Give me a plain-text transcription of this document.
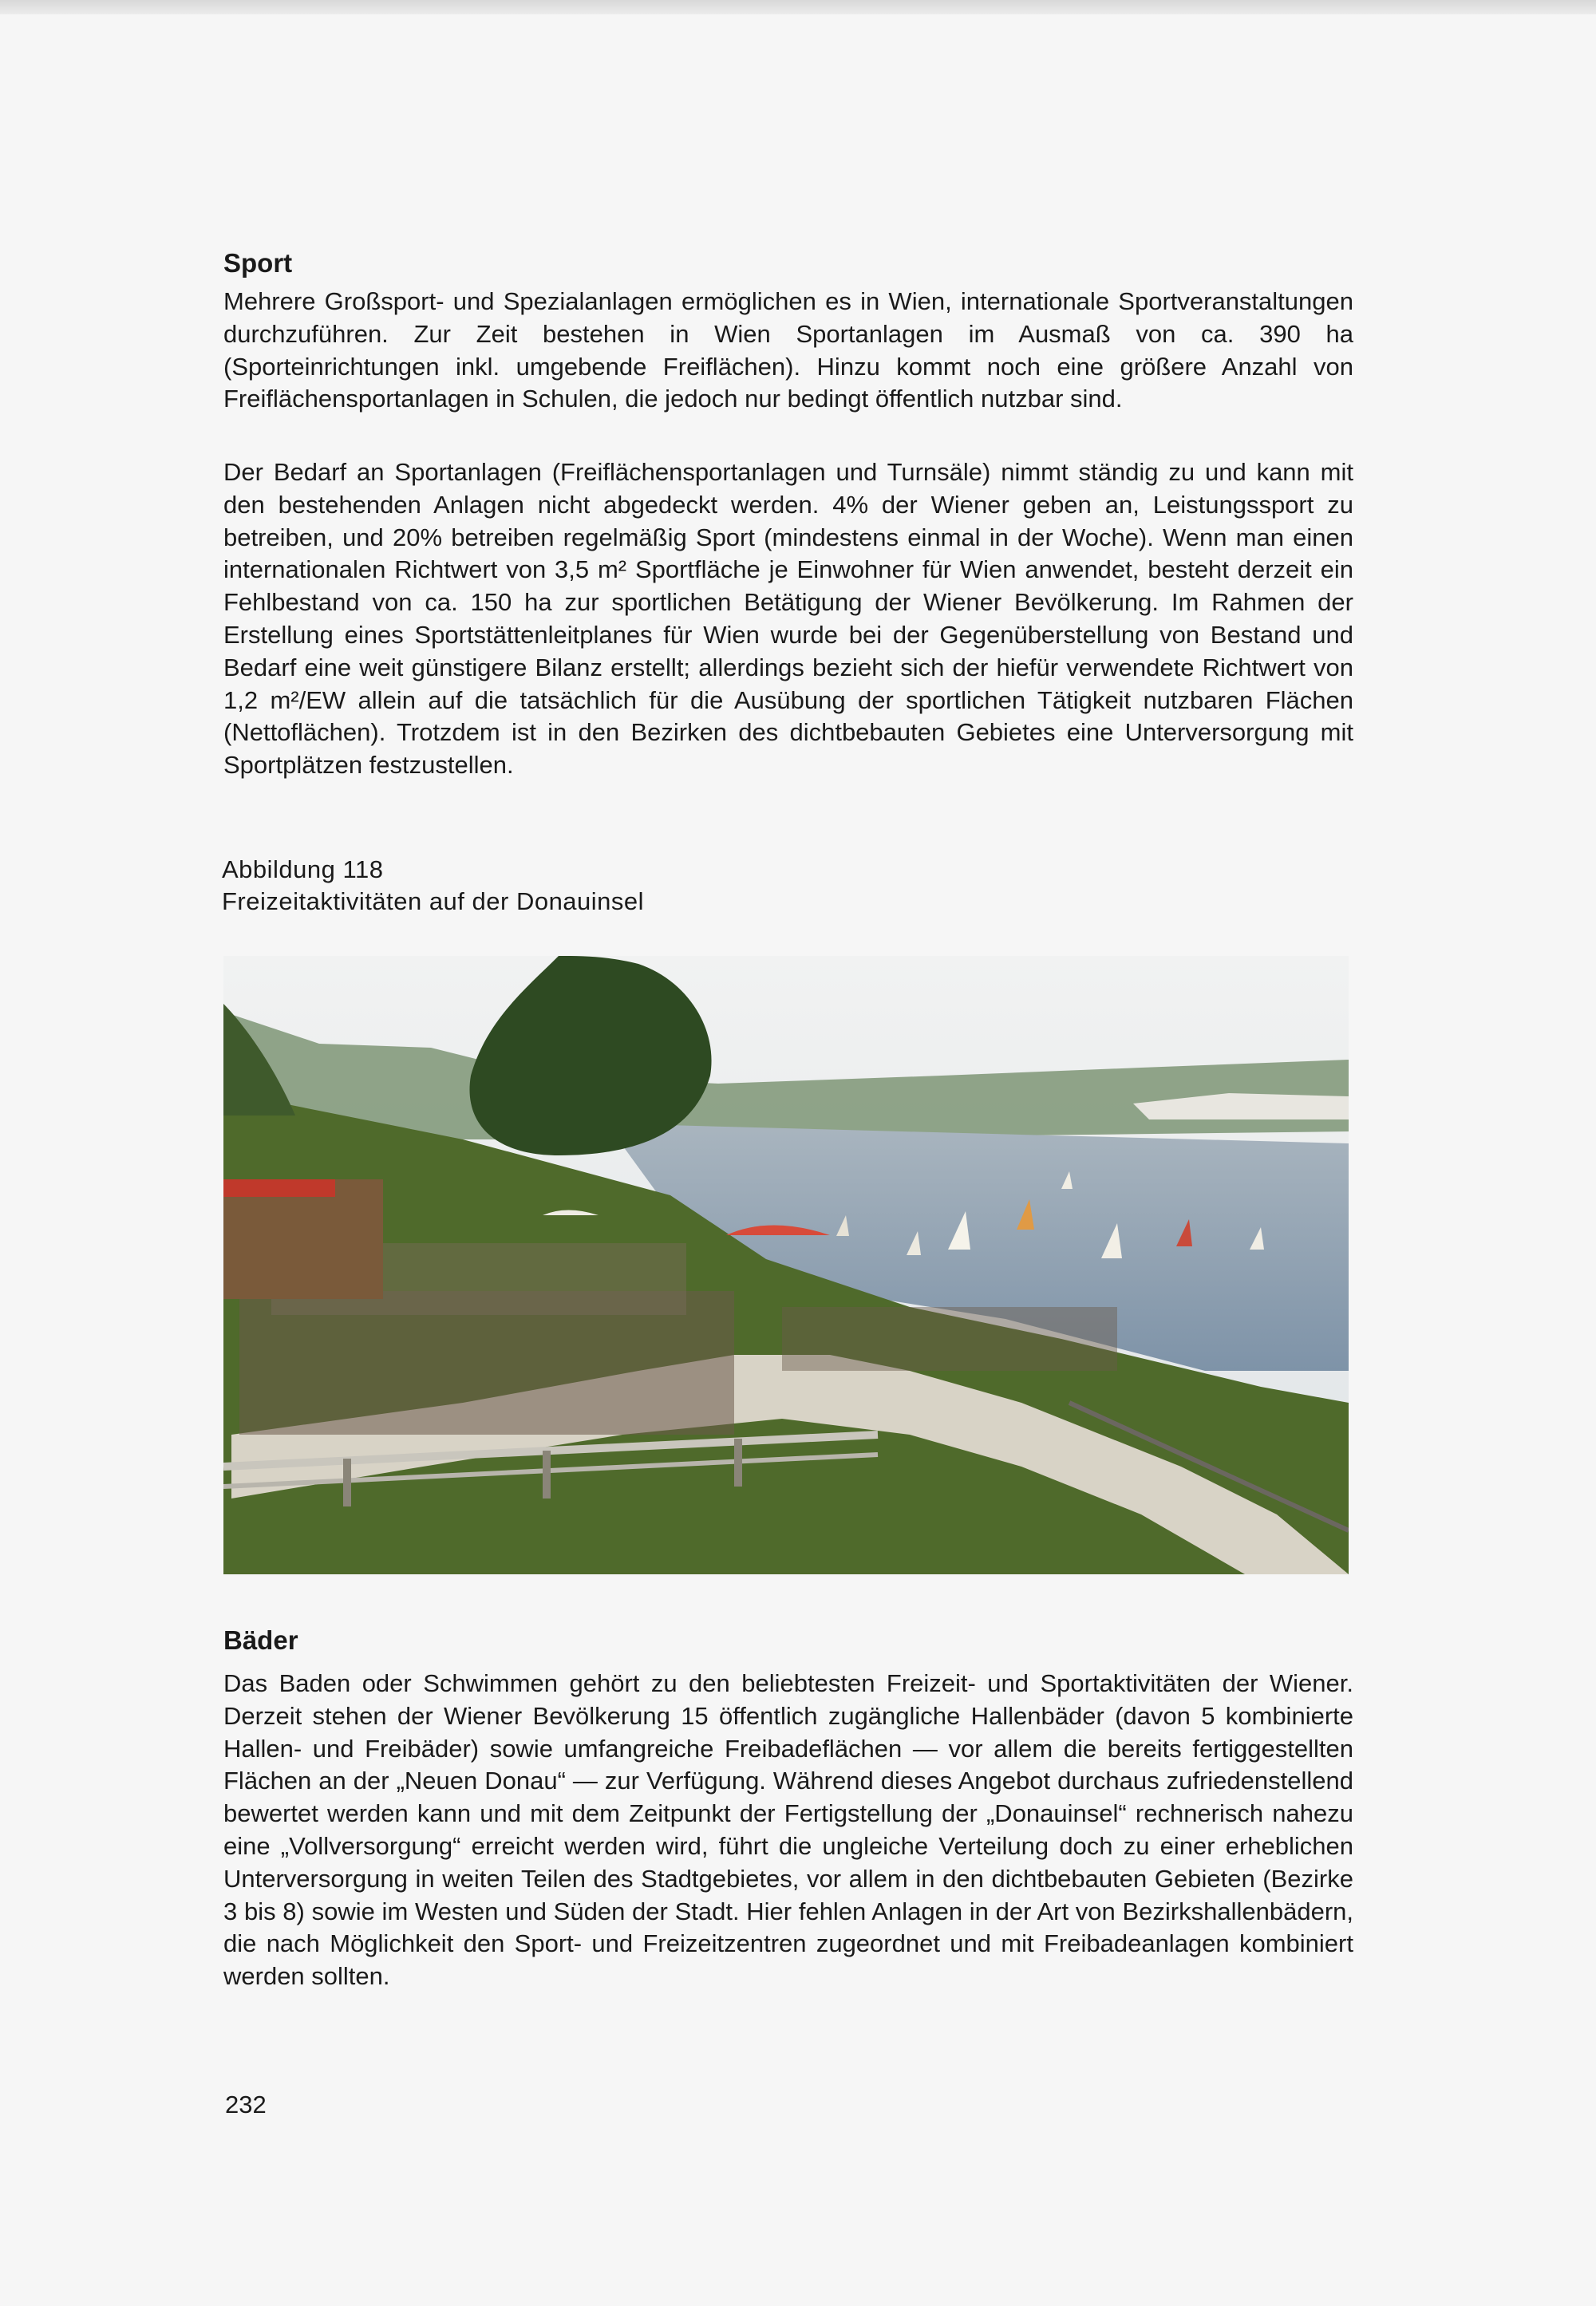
Sport

Mehrere Großsport- und Spezialanlagen ermöglichen es in Wien, internationale Sportveranstaltungen durchzuführen. Zur Zeit bestehen in Wien Sportanlagen im Ausmaß von ca. 390 ha (Sporteinrichtungen inkl. umgebende Freiflächen). Hinzu kommt noch eine größere Anzahl von Freiflächensportanlagen in Schulen, die jedoch nur bedingt öffentlich nutzbar sind.

Der Bedarf an Sportanlagen (Freiflächensportanlagen und Turnsäle) nimmt ständig zu und kann mit den bestehenden Anlagen nicht abgedeckt werden. 4% der Wiener geben an, Leistungssport zu betreiben, und 20% betreiben regelmäßig Sport (mindestens einmal in der Woche). Wenn man einen internationalen Richtwert von 3,5 m² Sportfläche je Einwohner für Wien anwendet, besteht derzeit ein Fehlbestand von ca. 150 ha zur sportlichen Betätigung der Wiener Bevölkerung. Im Rahmen der Erstellung eines Sportstättenleitplanes für Wien wurde bei der Gegenüberstellung von Bestand und Bedarf eine weit günstigere Bilanz erstellt; allerdings bezieht sich der hiefür verwendete Richtwert von 1,2 m²/EW allein auf die tatsächlich für die Ausübung der sportlichen Tätigkeit nutzbaren Flächen (Nettoflächen). Trotzdem ist in den Bezirken des dichtbebauten Gebietes eine Unterversorgung mit Sportplätzen festzustellen.

Abbildung 118
Freizeitaktivitäten auf der Donauinsel
Bäder

Das Baden oder Schwimmen gehört zu den beliebtesten Freizeit- und Sportaktivitäten der Wiener. Derzeit stehen der Wiener Bevölkerung 15 öffentlich zugängliche Hallenbäder (davon 5 kombinierte Hallen- und Freibäder) sowie umfangreiche Freibadeflächen — vor allem die bereits fertiggestellten Flächen an der „Neuen Donau“ — zur Verfügung. Während dieses Angebot durchaus zufriedenstellend bewertet werden kann und mit dem Zeitpunkt der Fertigstellung der „Donauinsel“ rechnerisch nahezu eine „Vollversorgung“ erreicht werden wird, führt die ungleiche Verteilung doch zu einer erheblichen Unterversorgung in weiten Teilen des Stadtgebietes, vor allem in den dichtbebauten Gebieten (Bezirke 3 bis 8) sowie im Westen und Süden der Stadt. Hier fehlen Anlagen in der Art von Bezirkshallenbädern, die nach Möglichkeit den Sport- und Freizeitzentren zugeordnet und mit Freibadeanlagen kombiniert werden sollten.

232
